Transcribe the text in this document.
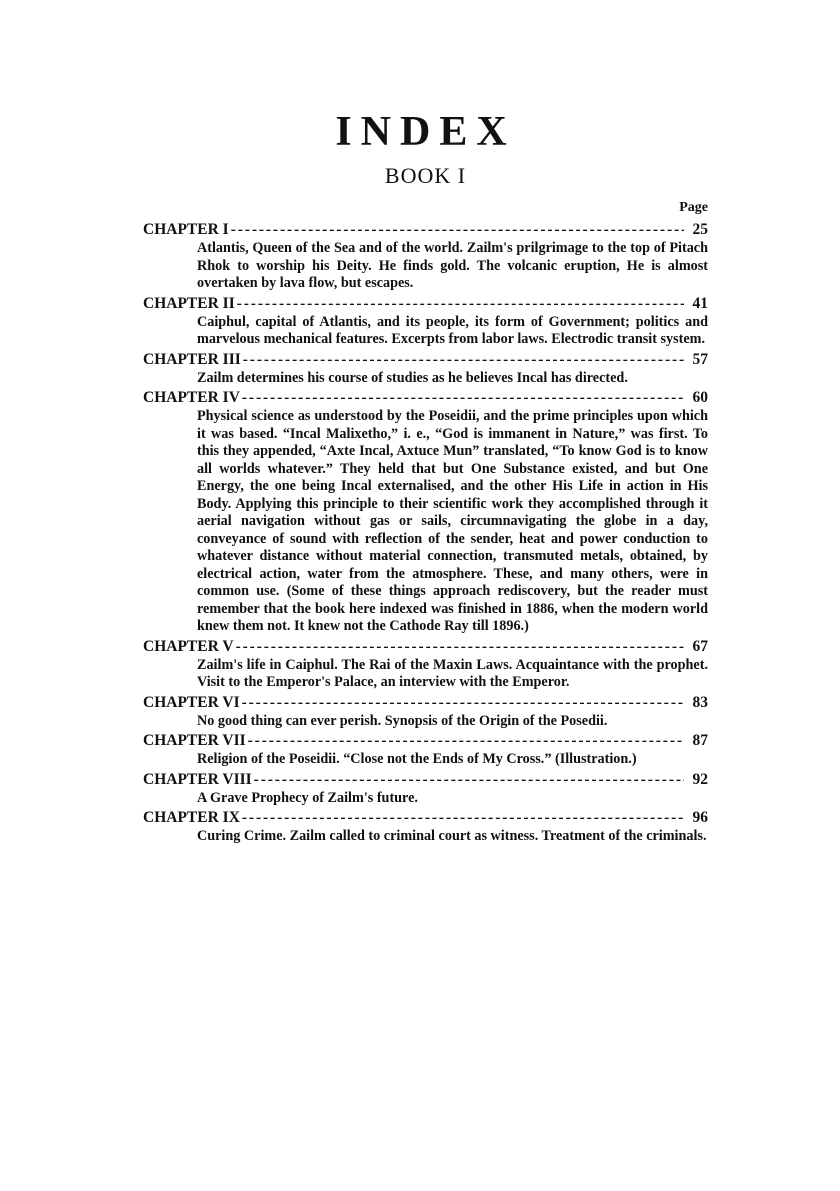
INDEX
BOOK I
Page
CHAPTER I - - -	25

Atlantis, Queen of the Sea and of the world. Zailm's prilgrimage to the top of Pitach Rhok to worship his Deity. He finds gold. The volcanic eruption, He is almost overtaken by lava flow, but escapes.

CHAPTER II - - -	41

Caiphul, capital of Atlantis, and its people, its form of Government; politics and marvelous mechanical features. Excerpts from labor laws. Electrodic transit system.

CHAPTER III - - -	57

Zailm determines his course of studies as he believes Incal has directed.

CHAPTER IV - - -	60

Physical science as understood by the Poseidii, and the prime principles upon which it was based. “Incal Malixetho,” i. e., “God is immanent in Nature,” was first. To this they appended, “Axte Incal, Axtuce Mun” translated, “To know God is to know all worlds whatever.” They held that but One Substance existed, and but One Energy, the one being Incal externalised, and the other His Life in action in His Body. Applying this principle to their scientific work they accomplished through it aerial navigation without gas or sails, circumnavigating the globe in a day, conveyance of sound with reflection of the sender, heat and power conduction to whatever distance without material connection, transmuted metals, obtained, by electrical action, water from the atmosphere. These, and many others, were in common use. (Some of these things approach rediscovery, but the reader must remember that the book here indexed was finished in 1886, when the modern world knew them not. It knew not the Cathode Ray till 1896.)

CHAPTER V - - -	67

Zailm's life in Caiphul. The Rai of the Maxin Laws. Acquaintance with the prophet. Visit to the Emperor's Palace, an interview with the Emperor.

CHAPTER VI - - -	83

No good thing can ever perish. Synopsis of the Origin of the Posedii.

CHAPTER VII - - -	87

Religion of the Poseidii. “Close not the Ends of My Cross.” (Illustration.)

CHAPTER VIII - - -	92

A Grave Prophecy of Zailm's future.

CHAPTER IX - - -	96

Curing Crime. Zailm called to criminal court as witness. Treatment of the criminals.
